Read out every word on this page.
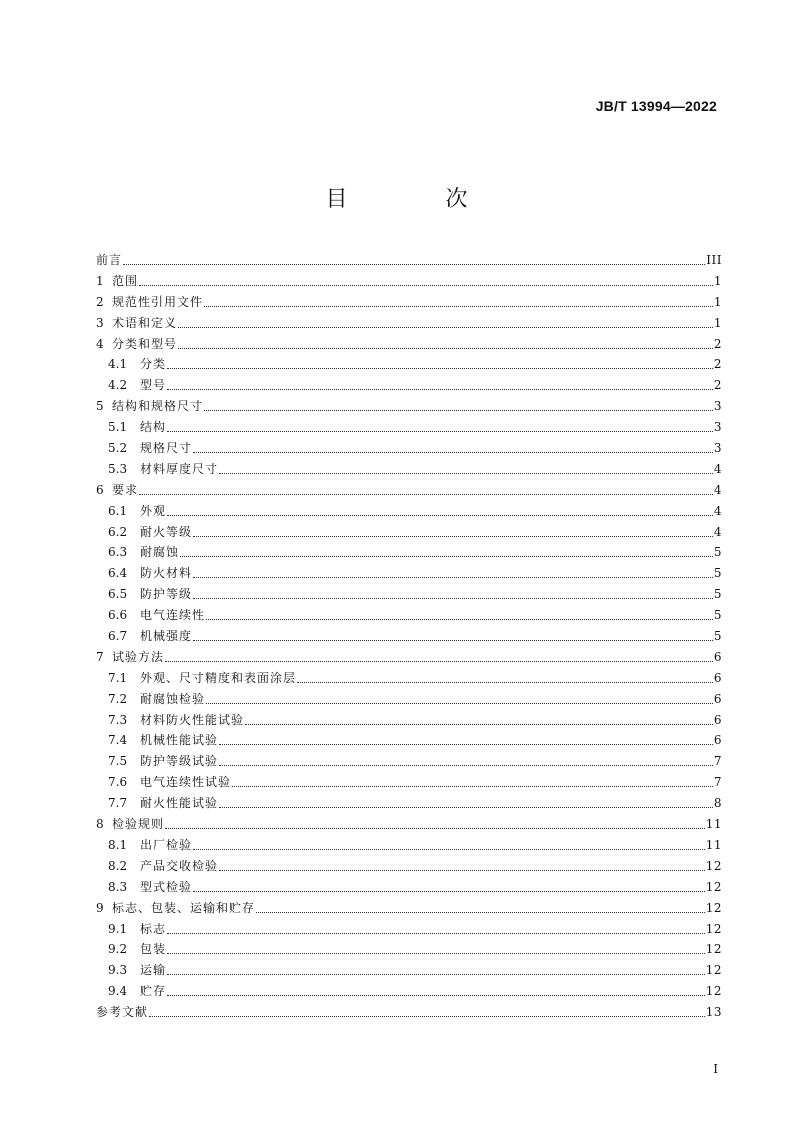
JB/T 13994—2022
目　次
前言	III
1 范围	1
2 规范性引用文件	1
3 术语和定义	1
4 分类和型号	2
4.1	分类	2
4.2	型号	2
5 结构和规格尺寸	3
5.1	结构	3
5.2	规格尺寸	3
5.3	材料厚度尺寸	4
6 要求	4
6.1	外观	4
6.2	耐火等级	4
6.3	耐腐蚀	5
6.4	防火材料	5
6.5	防护等级	5
6.6	电气连续性	5
6.7	机械强度	5
7 试验方法	6
7.1	外观、尺寸精度和表面涂层	6
7.2	耐腐蚀检验	6
7.3	材料防火性能试验	6
7.4	机械性能试验	6
7.5	防护等级试验	7
7.6	电气连续性试验	7
7.7	耐火性能试验	8
8 检验规则	11
8.1	出厂检验	11
8.2	产品交收检验	12
8.3	型式检验	12
9 标志、包装、运输和贮存	12
9.1	标志	12
9.2	包装	12
9.3	运输	12
9.4	贮存	12
参考文献	13
I
